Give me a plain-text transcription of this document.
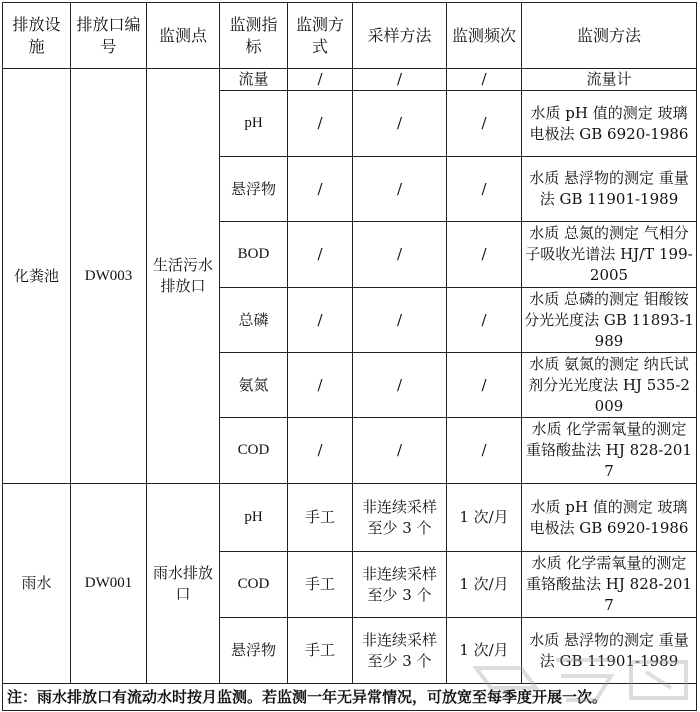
排放设施	排放口编号	监测点	监测指标	监测方式	采样方法	监测频次	监测方法
化粪池	DW003	生活污水排放口	流量	/	/	/	流量计
			pH	/	/	/	水质 pH 值的测定 玻璃电极法 GB 6920-1986
			悬浮物	/	/	/	水质 悬浮物的测定 重量法 GB 11901-1989
			BOD	/	/	/	水质 总氮的测定 气相分子吸收光谱法 HJ/T 199-2005
			总磷	/	/	/	水质 总磷的测定 钼酸铵分光光度法 GB 11893-1989
			氨氮	/	/	/	水质 氨氮的测定 纳氏试剂分光光度法 HJ 535-2009
			COD	/	/	/	水质 化学需氧量的测定 重铬酸盐法 HJ 828-2017
雨水	DW001	雨水排放口	pH	手工	非连续采样 至少 3 个	1 次/月	水质 pH 值的测定 玻璃电极法 GB 6920-1986
			COD	手工	非连续采样 至少 3 个	1 次/月	水质 化学需氧量的测定 重铬酸盐法 HJ 828-2017
			悬浮物	手工	非连续采样 至少 3 个	1 次/月	水质 悬浮物的测定 重量法 GB 11901-1989
注：雨水排放口有流动水时按月监测。若监测一年无异常情况，可放宽至每季度开展一次。							
